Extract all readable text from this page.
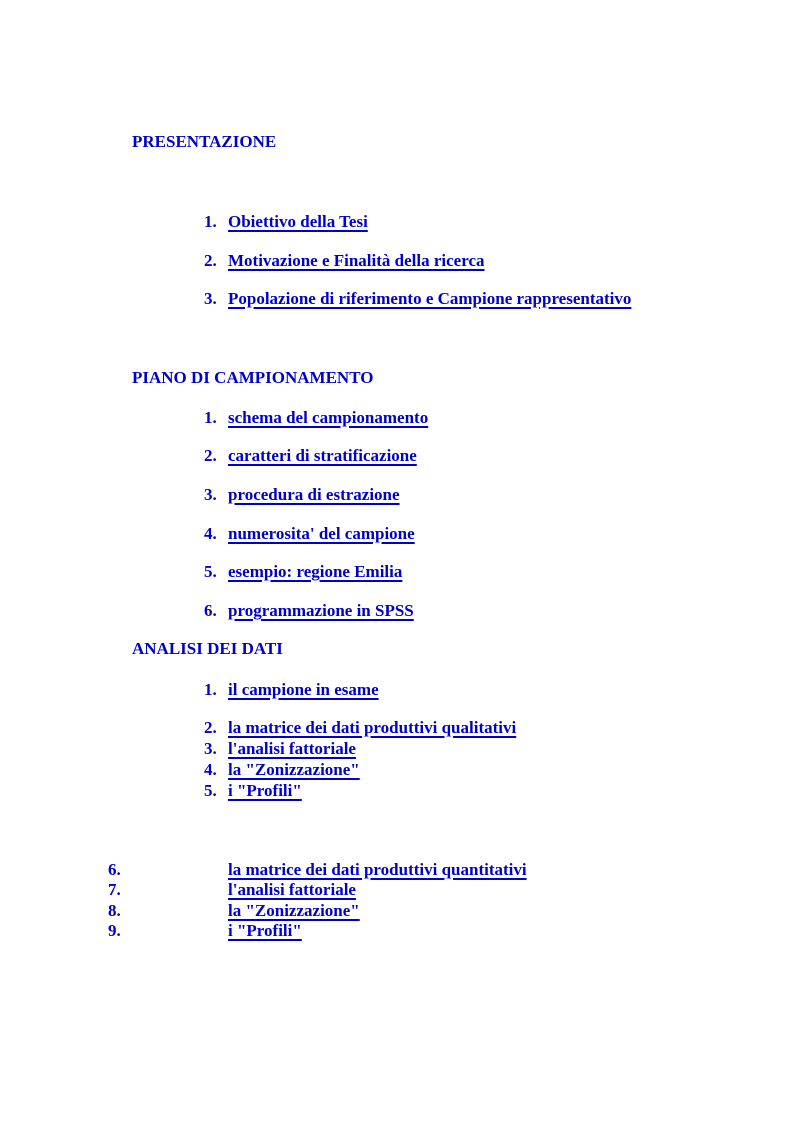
PRESENTAZIONE
1. Obiettivo della Tesi
2. Motivazione e Finalità della ricerca
3. Popolazione di riferimento e Campione rappresentativo
PIANO DI CAMPIONAMENTO
1. schema del campionamento
2. caratteri di stratificazione
3. procedura di estrazione
4. numerosita' del campione
5. esempio: regione Emilia
6. programmazione in SPSS
ANALISI DEI DATI
1. il campione in esame
2. la matrice dei dati produttivi qualitativi
3. l'analisi fattoriale
4. la "Zonizzazione"
5. i "Profili"
6.	la matrice dei dati produttivi quantitativi
7.	l'analisi fattoriale
8.	la "Zonizzazione"
9.	i "Profili"
